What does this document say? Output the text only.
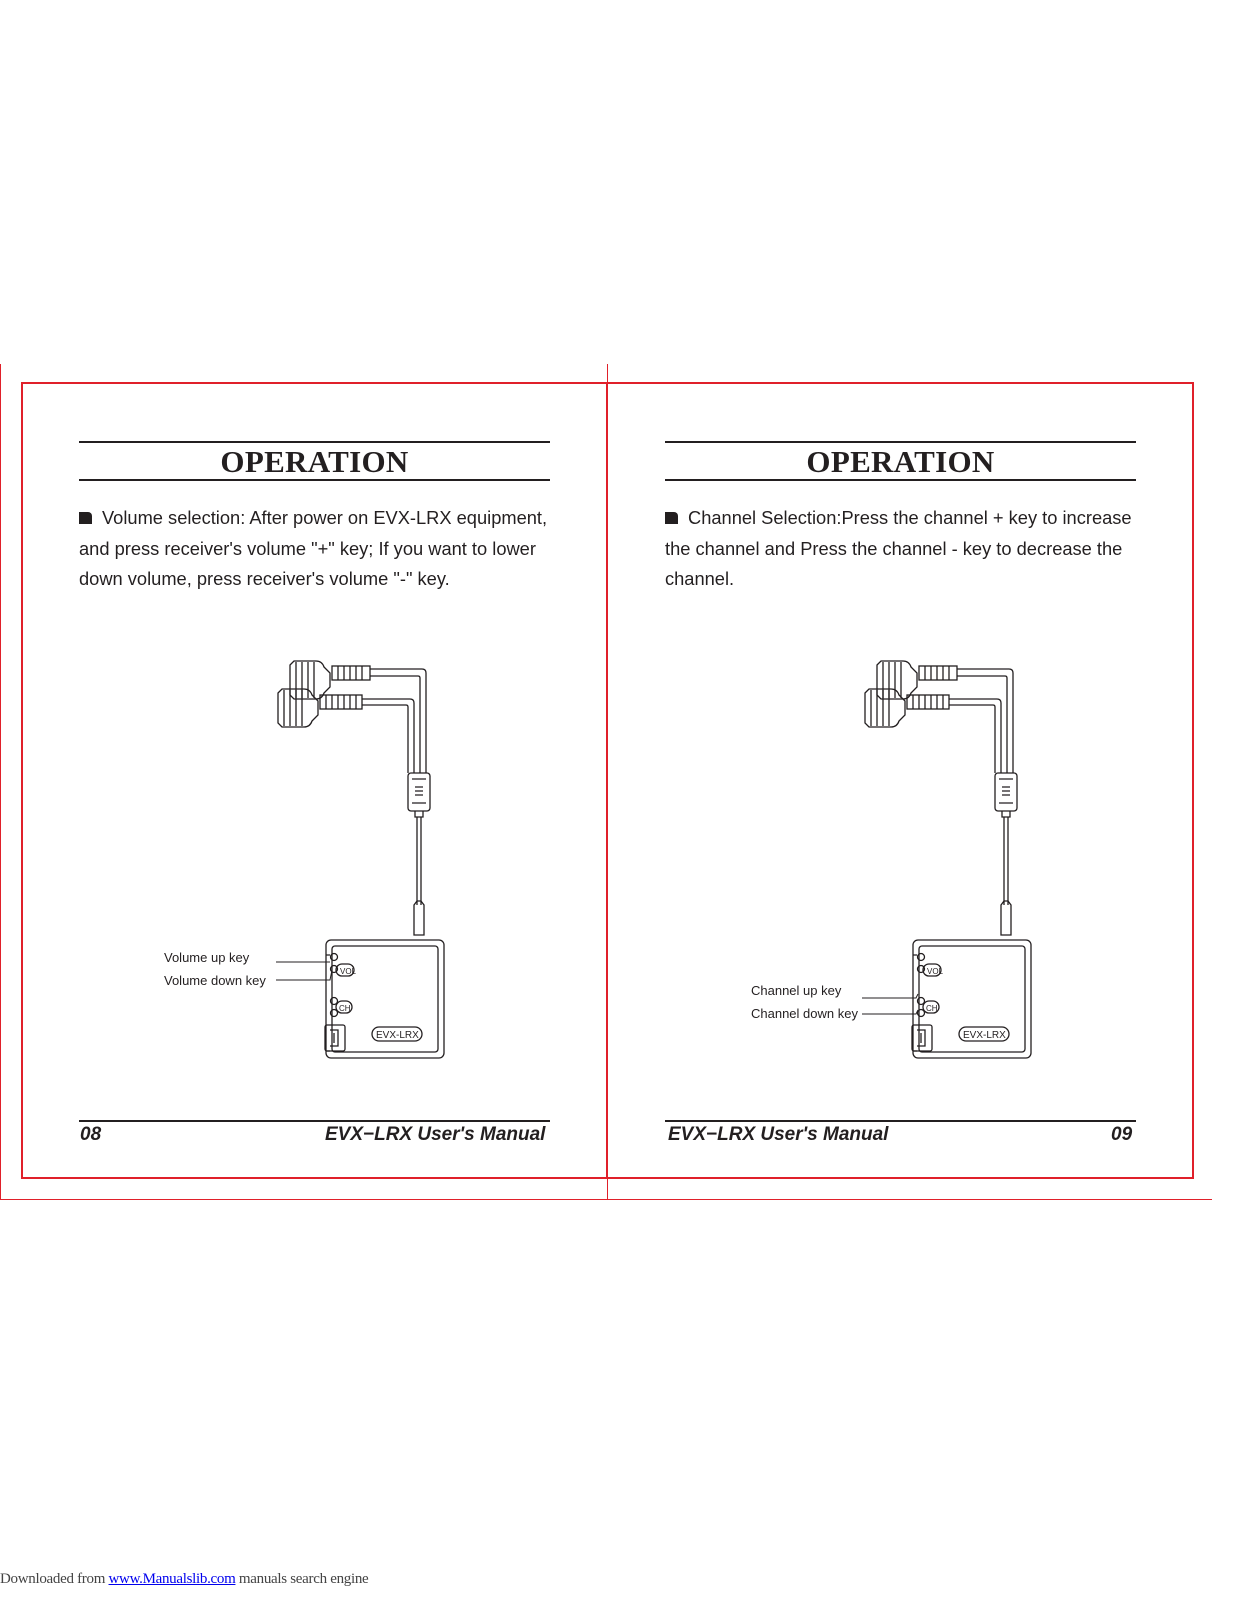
OPERATION
Volume selection: After power on EVX-LRX equipment, and press receiver's volume "+" key; If you want to lower down volume, press receiver's volume "-" key.
VOL
CH
EVX-LRX
Volume up key
Volume down key
08	EVX−LRX User's Manual
OPERATION
Channel Selection:Press the channel + key to increase the channel and Press the channel - key to decrease the channel.
VOL
CH
EVX-LRX
Channel up key
Channel down key
EVX−LRX User's Manual	09
Downloaded from www.Manualslib.com manuals search engine
